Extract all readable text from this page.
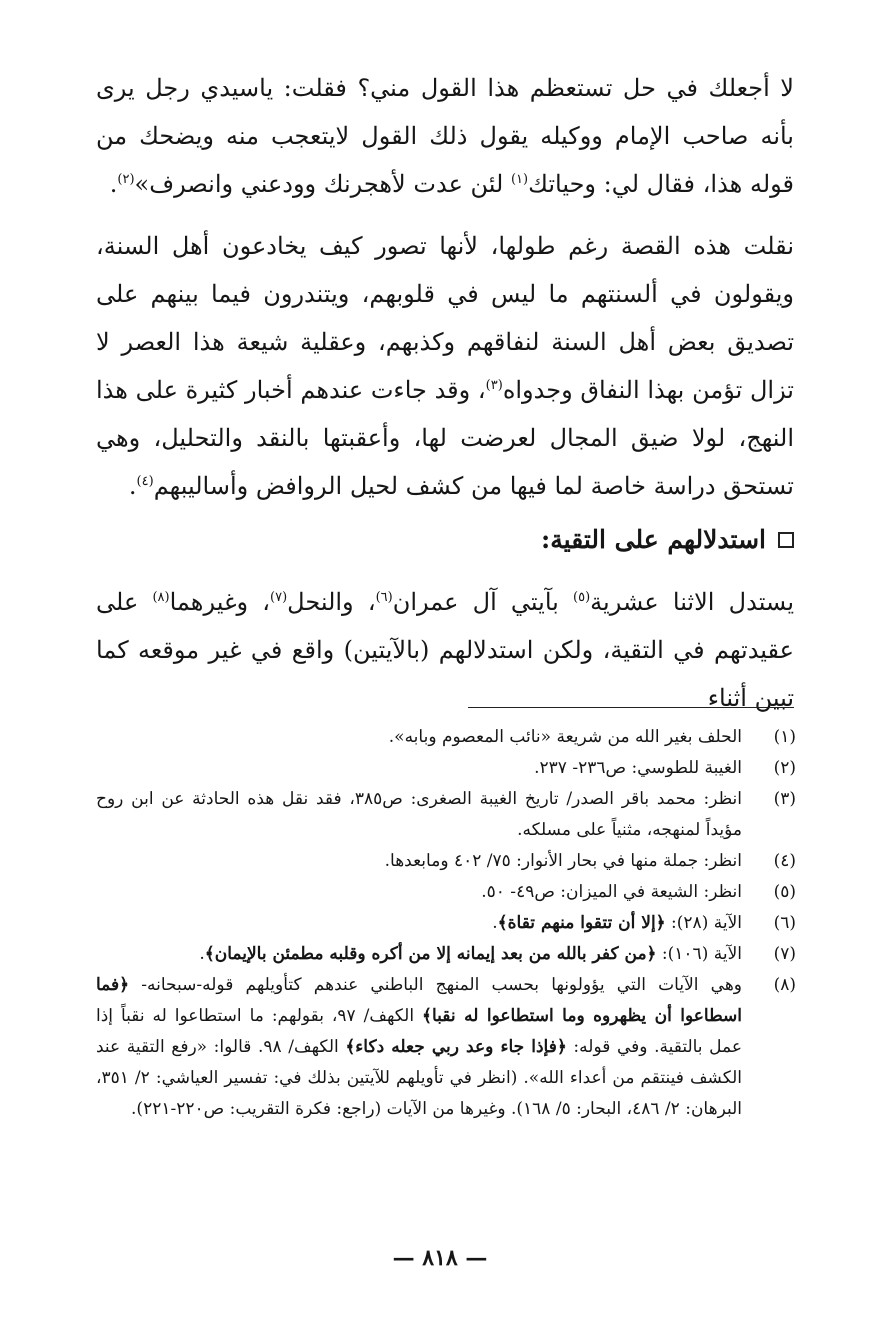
لا أجعلك في حل تستعظم هذا القول مني؟ فقلت: ياسيدي رجل يرى بأنه صاحب الإمام ووكيله يقول ذلك القول لايتعجب منه ويضحك من قوله هذا، فقال لي: وحياتك$^{(١)}$ لئن عدت لأهجرنك وودعني وانصرف»$^{(٢)}$.

نقلت هذه القصة رغم طولها، لأنها تصور كيف يخادعون أهل السنة، ويقولون في ألسنتهم ما ليس في قلوبهم، ويتندرون فيما بينهم على تصديق بعض أهل السنة لنفاقهم وكذبهم، وعقلية شيعة هذا العصر لا تزال تؤمن بهذا النفاق وجدواه$^{(٣)}$، وقد جاءت عندهم أخبار كثيرة على هذا النهج، لولا ضيق المجال لعرضت لها، وأعقبتها بالنقد والتحليل، وهي تستحق دراسة خاصة لما فيها من كشف لحيل الروافض وأساليبهم$^{(٤)}$.

استدلالهم على التقية:

يستدل الاثنا عشرية$^{(٥)}$ بآيتي آل عمران$^{(٦)}$، والنحل$^{(٧)}$، وغيرهما$^{(٨)}$ على عقيدتهم في التقية، ولكن استدلالهم (بالآيتين) واقع في غير موقعه كما تبين أثناء

(١)
الحلف بغير الله من شريعة «نائب المعصوم وبابه».
(٢)
الغيبة للطوسي: ص٢٣٦- ٢٣٧.
(٣)
انظر: محمد باقر الصدر/ تاريخ الغيبة الصغرى: ص٣٨٥، فقد نقل هذه الحادثة عن ابن روح مؤيداً لمنهجه، مثنياً على مسلكه.
(٤)
انظر: جملة منها في بحار الأنوار: ٧٥/ ٤٠٢ ومابعدها.
(٥)
انظر: الشيعة في الميزان: ص٤٩- ٥٠.
(٦)
الآية (٢٨): ﴿إلا أن تتقوا منهم تقاة﴾.
(٧)
الآية (١٠٦): ﴿من كفر بالله من بعد إيمانه إلا من أكره وقلبه مطمئن بالإيمان﴾.
(٨)
وهي الآيات التي يؤولونها بحسب المنهج الباطني عندهم كتأويلهم قوله-سبحانه- ﴿فما اسطاعوا أن يظهروه وما استطاعوا له نقبا﴾ الكهف/ ٩٧، بقولهم: ما استطاعوا له نقباً إذا عمل بالتقية. وفي قوله: ﴿فإذا جاء وعد ربي جعله دكاء﴾ الكهف/ ٩٨. قالوا: «رفع التقية عند الكشف فينتقم من أعداء الله». (انظر في تأويلهم للآيتين بذلك في: تفسير العياشي: ٢/ ٣٥١، البرهان: ٢/ ٤٨٦، البحار: ٥/ ١٦٨). وغيرها من الآيات (راجع: فكرة التقريب: ص٢٢٠-٢٢١).
— ٨١٨ —
